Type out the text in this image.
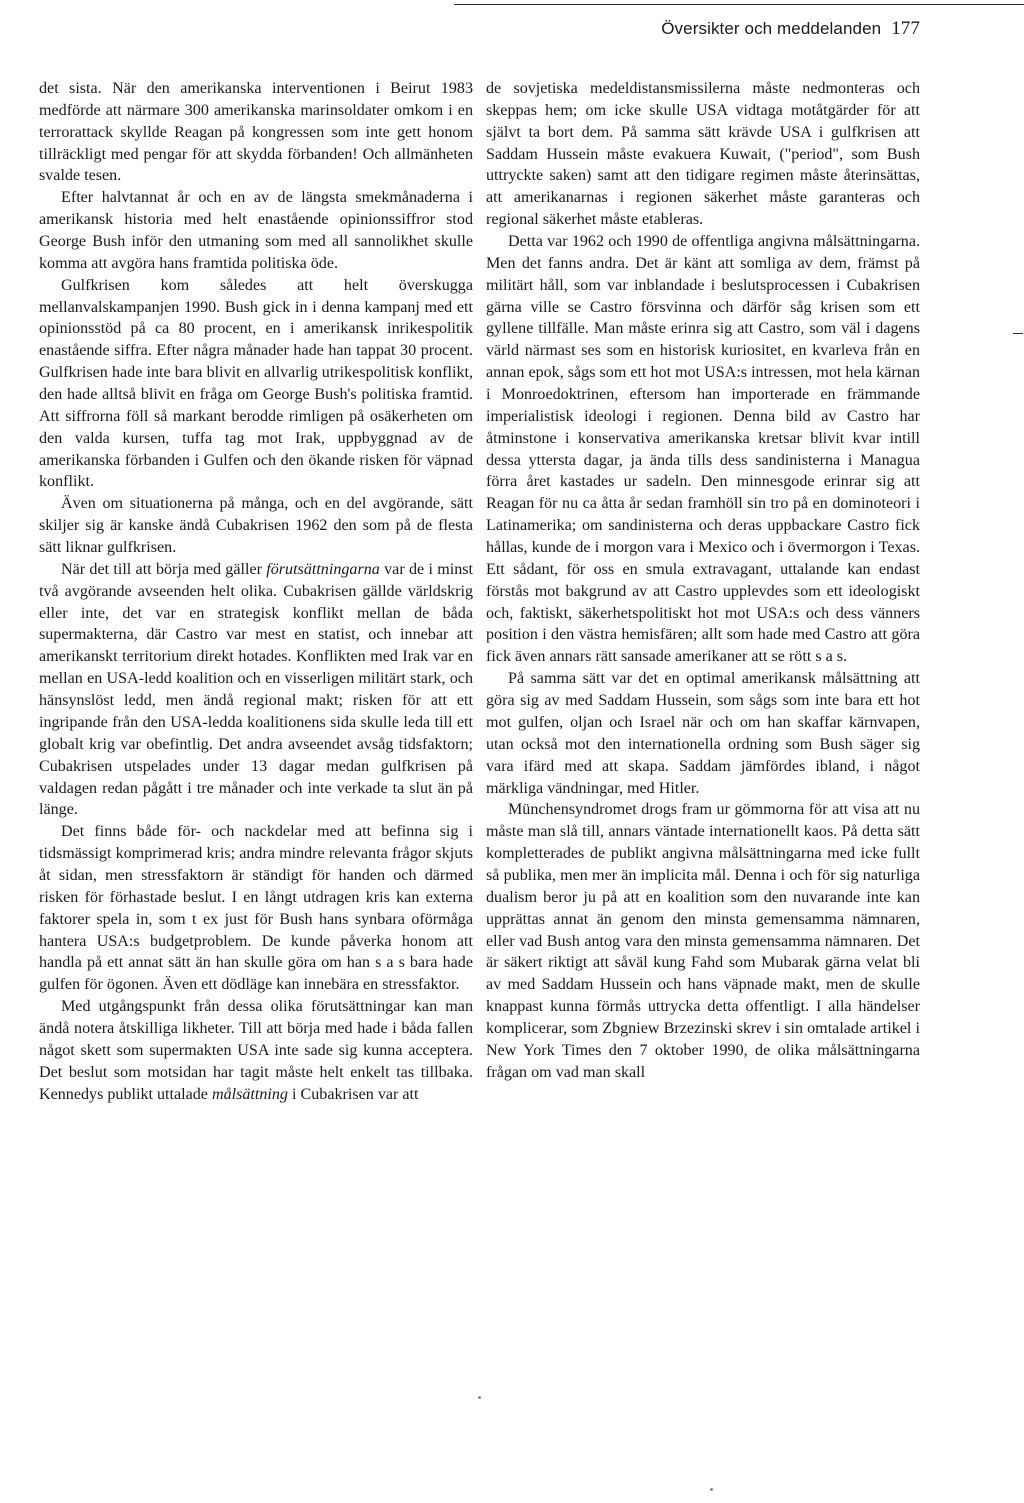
Översikter och meddelanden 177

det sista. När den amerikanska interventionen i Beirut 1983 medförde att närmare 300 amerikanska marinsoldater omkom i en terrorattack skyllde Reagan på kongressen som inte gett honom tillräckligt med pengar för att skydda förbanden! Och allmänheten svalde tesen.

Efter halvtannat år och en av de längsta smekmånaderna i amerikansk historia med helt enastående opinionssiffror stod George Bush inför den utmaning som med all sannolikhet skulle komma att avgöra hans framtida politiska öde.

Gulfkrisen kom således att helt överskugga mellanvalskampanjen 1990. Bush gick in i denna kampanj med ett opinionsstöd på ca 80 procent, en i amerikansk inrikespolitik enastående siffra. Efter några månader hade han tappat 30 procent. Gulfkrisen hade inte bara blivit en allvarlig utrikespolitisk konflikt, den hade alltså blivit en fråga om George Bush's politiska framtid. Att siffrorna föll så markant berodde rimligen på osäkerheten om den valda kursen, tuffa tag mot Irak, uppbyggnad av de amerikanska förbanden i Gulfen och den ökande risken för väpnad konflikt.

Även om situationerna på många, och en del avgörande, sätt skiljer sig är kanske ändå Cubakrisen 1962 den som på de flesta sätt liknar gulfkrisen.

När det till att börja med gäller förutsättningarna var de i minst två avgörande avseenden helt olika. Cubakrisen gällde världskrig eller inte, det var en strategisk konflikt mellan de båda supermakterna, där Castro var mest en statist, och innebar att amerikanskt territorium direkt hotades. Konflikten med Irak var en mellan en USA-ledd koalition och en visserligen militärt stark, och hänsynslöst ledd, men ändå regional makt; risken för att ett ingripande från den USA-ledda koalitionens sida skulle leda till ett globalt krig var obefintlig. Det andra avseendet avsåg tidsfaktorn; Cubakrisen utspelades under 13 dagar medan gulfkrisen på valdagen redan pågått i tre månader och inte verkade ta slut än på länge.

Det finns både för- och nackdelar med att befinna sig i tidsmässigt komprimerad kris; andra mindre relevanta frågor skjuts åt sidan, men stressfaktorn är ständigt för handen och därmed risken för förhastade beslut. I en långt utdragen kris kan externa faktorer spela in, som t ex just för Bush hans synbara oförmåga hantera USA:s budgetproblem. De kunde påverka honom att handla på ett annat sätt än han skulle göra om han s a s bara hade gulfen för ögonen. Även ett dödläge kan innebära en stressfaktor.

Med utgångspunkt från dessa olika förutsättningar kan man ändå notera åtskilliga likheter. Till att börja med hade i båda fallen något skett som supermakten USA inte sade sig kunna acceptera. Det beslut som motsidan har tagit måste helt enkelt tas tillbaka. Kennedys publikt uttalade målsättning i Cubakrisen var att

de sovjetiska medeldistansmissilerna måste nedmonteras och skeppas hem; om icke skulle USA vidtaga motåtgärder för att självt ta bort dem. På samma sätt krävde USA i gulfkrisen att Saddam Hussein måste evakuera Kuwait, ("period", som Bush uttryckte saken) samt att den tidigare regimen måste återinsättas, att amerikanarnas i regionen säkerhet måste garanteras och regional säkerhet måste etableras.

Detta var 1962 och 1990 de offentliga angivna målsättningarna. Men det fanns andra. Det är känt att somliga av dem, främst på militärt håll, som var inblandade i beslutsprocessen i Cubakrisen gärna ville se Castro försvinna och därför såg krisen som ett gyllene tillfälle. Man måste erinra sig att Castro, som väl i dagens värld närmast ses som en historisk kuriositet, en kvarleva från en annan epok, sågs som ett hot mot USA:s intressen, mot hela kärnan i Monroedoktrinen, eftersom han importerade en främmande imperialistisk ideologi i regionen. Denna bild av Castro har åtminstone i konservativa amerikanska kretsar blivit kvar intill dessa yttersta dagar, ja ända tills dess sandinisterna i Managua förra året kastades ur sadeln. Den minnesgode erinrar sig att Reagan för nu ca åtta år sedan framhöll sin tro på en dominoteori i Latinamerika; om sandinisterna och deras uppbackare Castro fick hållas, kunde de i morgon vara i Mexico och i övermorgon i Texas. Ett sådant, för oss en smula extravagant, uttalande kan endast förstås mot bakgrund av att Castro upplevdes som ett ideologiskt och, faktiskt, säkerhetspolitiskt hot mot USA:s och dess vänners position i den västra hemisfären; allt som hade med Castro att göra fick även annars rätt sansade amerikaner att se rött s a s.

På samma sätt var det en optimal amerikansk målsättning att göra sig av med Saddam Hussein, som sågs som inte bara ett hot mot gulfen, oljan och Israel när och om han skaffar kärnvapen, utan också mot den internationella ordning som Bush säger sig vara ifärd med att skapa. Saddam jämfördes ibland, i något märkliga vändningar, med Hitler.

Münchensyndromet drogs fram ur gömmorna för att visa att nu måste man slå till, annars väntade internationellt kaos. På detta sätt kompletterades de publikt angivna målsättningarna med icke fullt så publika, men mer än implicita mål. Denna i och för sig naturliga dualism beror ju på att en koalition som den nuvarande inte kan upprättas annat än genom den minsta gemensamma nämnaren, eller vad Bush antog vara den minsta gemensamma nämnaren. Det är säkert riktigt att såväl kung Fahd som Mubarak gärna velat bli av med Saddam Hussein och hans väpnade makt, men de skulle knappast kunna förmås uttrycka detta offentligt. I alla händelser komplicerar, som Zbgniew Brzezinski skrev i sin omtalade artikel i New York Times den 7 oktober 1990, de olika målsättningarna frågan om vad man skall
